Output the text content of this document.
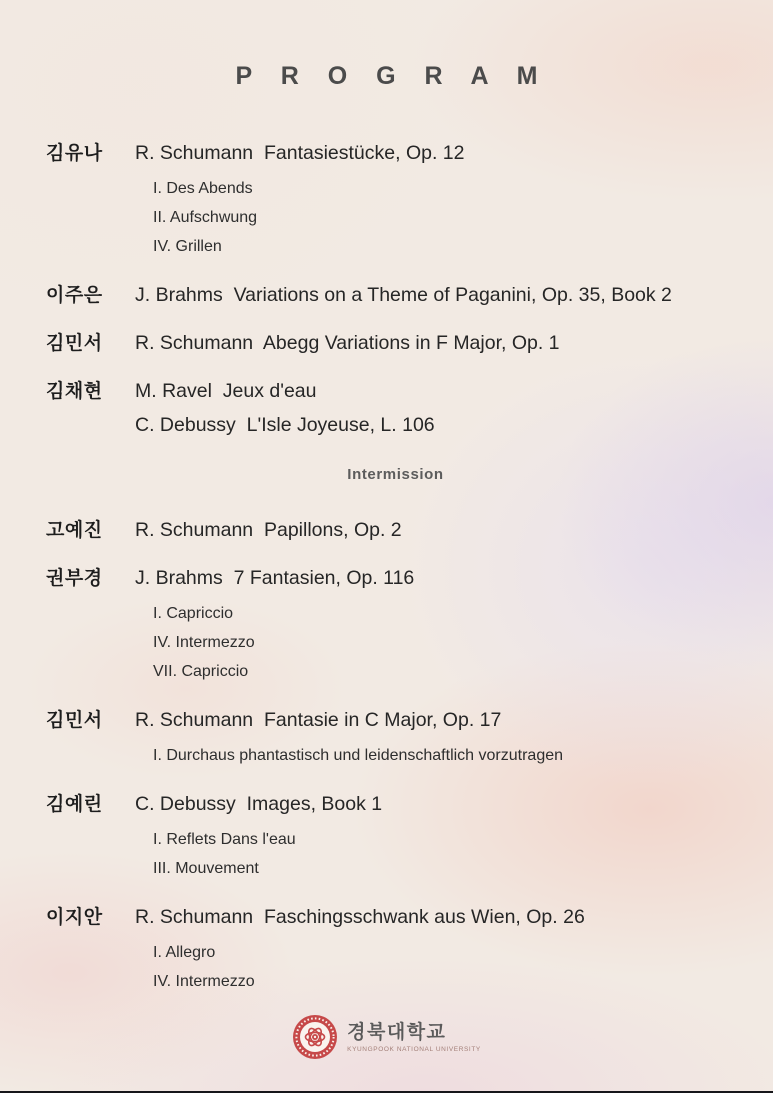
P R O G R A M
김유나	R. Schumann  Fantasiestücke, Op. 12
I. Des Abends
II. Aufschwung
IV. Grillen
이주은	J. Brahms  Variations on a Theme of Paganini, Op. 35, Book 2
김민서	R. Schumann  Abegg Variations in F Major, Op. 1
김채현	M. Ravel  Jeux d'eau
C. Debussy  L'Isle Joyeuse, L. 106
Intermission
고예진	R. Schumann  Papillons, Op. 2
권부경	J. Brahms  7 Fantasien, Op. 116
I. Capriccio
IV. Intermezzo
VII. Capriccio
김민서	R. Schumann  Fantasie in C Major, Op. 17
I. Durchaus phantastisch und leidenschaftlich vorzutragen
김예린	C. Debussy  Images, Book 1
I. Reflets Dans l'eau
III. Mouvement
이지안	R. Schumann  Faschingsschwank aus Wien, Op. 26
I. Allegro
IV. Intermezzo
경북대학교
KYUNGPOOK NATIONAL UNIVERSITY
